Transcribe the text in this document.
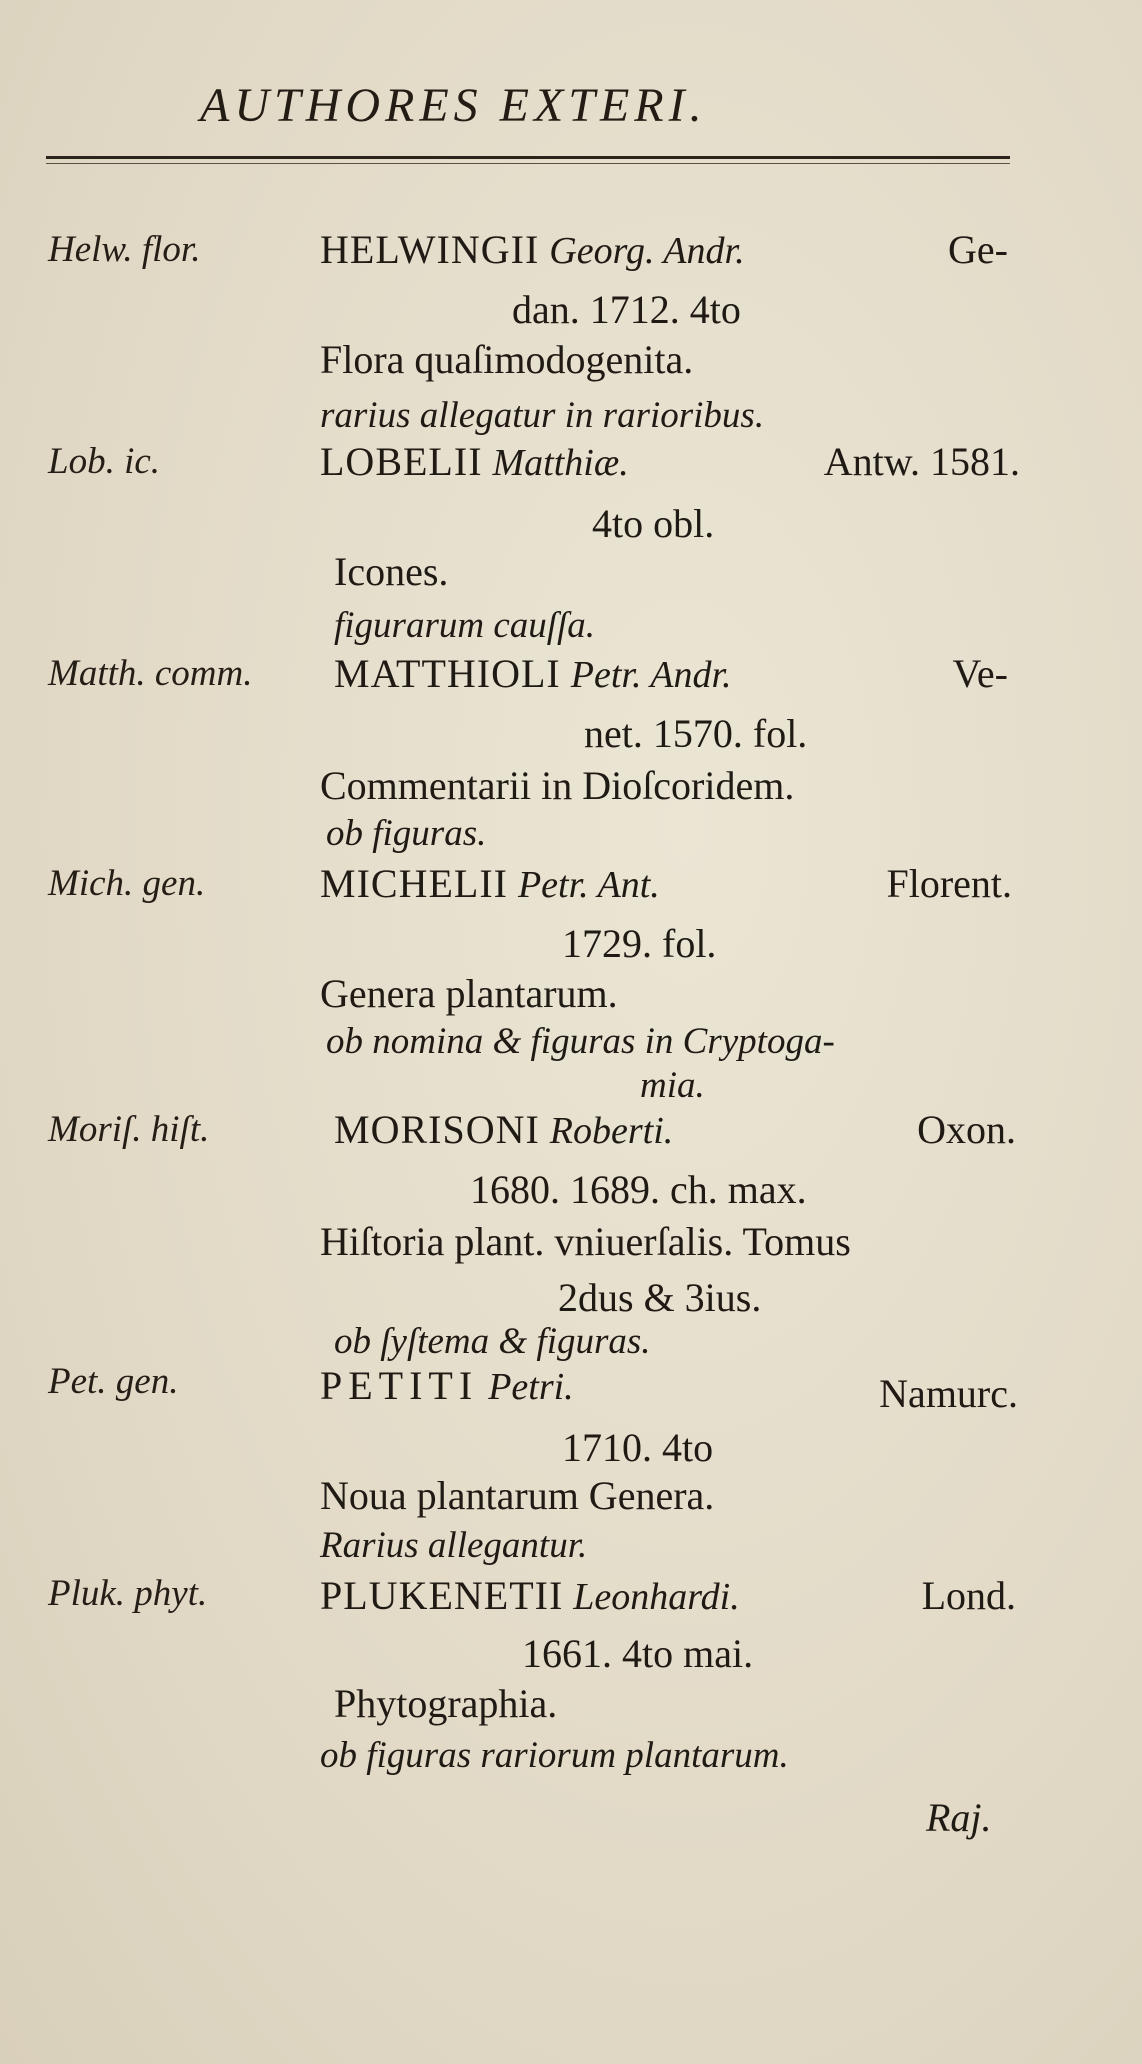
AUTHORES EXTERI.
Helw. flor.	HELWINGII Georg. Andr.	Ge-
dan. 1712. 4to
Flora quaſimodogenita.
rarius allegatur in rarioribus.
Lob. ic.	LOBELII Matthiæ.	Antw. 1581.
4to obl.
Icones.
figurarum cauſſa.
Matth. comm. MATTHIOLI Petr. Andr.	Ve-
net. 1570. fol.
Commentarii in Dioſcoridem.
ob figuras.
Mich. gen.	MICHELII Petr. Ant.	Florent.
1729. fol.
Genera plantarum.
ob nomina & figuras in Cryptoga-
mia.
Moriſ. hiſt.	MORISONI Roberti.	Oxon.
1680. 1689. ch. max.
Hiſtoria plant. vniuerſalis. Tomus
2dus & 3ius.
ob ſyſtema & figuras.
Pet. gen.	PETITI Petri.	Namurc.
1710. 4to
Noua plantarum Genera.
Rarius allegantur.
Pluk. phyt.	PLUKENETII Leonhardi.	Lond.
1661. 4to mai.
Phytographia.
ob figuras rariorum plantarum.
Raj.
